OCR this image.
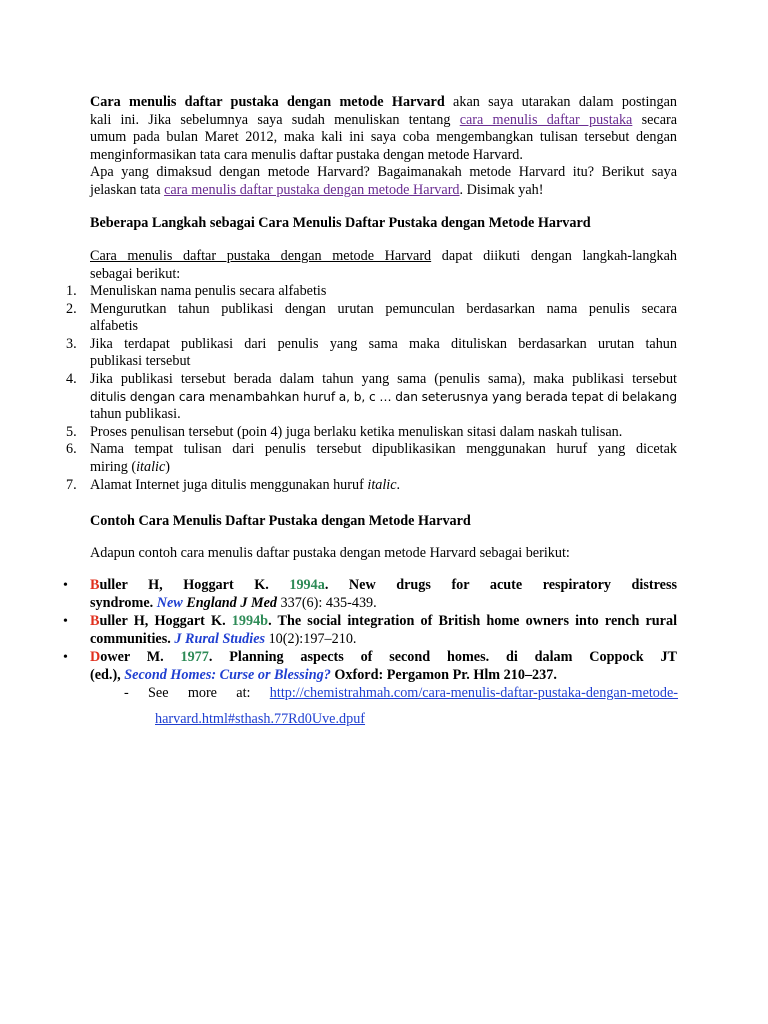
Cara menulis daftar pustaka dengan metode Harvard akan saya utarakan dalam postingan
kali ini. Jika sebelumnya saya sudah menuliskan tentang cara menulis daftar pustaka secara
umum pada bulan Maret 2012, maka kali ini saya coba mengembangkan tulisan tersebut dengan
menginformasikan tata cara menulis daftar pustaka dengan metode Harvard.
Apa yang dimaksud dengan metode Harvard? Bagaimanakah metode Harvard itu? Berikut saya
jelaskan tata cara menulis daftar pustaka dengan metode Harvard. Disimak yah!
Beberapa Langkah sebagai Cara Menulis Daftar Pustaka dengan Metode Harvard
Cara menulis daftar pustaka dengan metode Harvard dapat diikuti dengan langkah-langkah
sebagai berikut:
1. Menuliskan nama penulis secara alfabetis
2. Mengurutkan tahun publikasi dengan urutan pemunculan berdasarkan nama penulis secara
alfabetis
3. Jika terdapat publikasi dari penulis yang sama maka dituliskan berdasarkan urutan tahun
publikasi tersebut
4. Jika publikasi tersebut berada dalam tahun yang sama (penulis sama), maka publikasi tersebut
ditulis dengan cara menambahkan huruf a, b, c … dan seterusnya yang berada tepat di belakang
tahun publikasi.
5. Proses penulisan tersebut (poin 4) juga berlaku ketika menuliskan sitasi dalam naskah tulisan.
6. Nama tempat tulisan dari penulis tersebut dipublikasikan menggunakan huruf yang dicetak
miring (italic)
7. Alamat Internet juga ditulis menggunakan huruf italic.
Contoh Cara Menulis Daftar Pustaka dengan Metode Harvard
Adapun contoh cara menulis daftar pustaka dengan metode Harvard sebagai berikut:
• Buller H, Hoggart K. 1994a. New drugs for acute respiratory distress
syndrome. New England J Med 337(6): 435-439.
• Buller H, Hoggart K. 1994b. The social integration of British home owners into rench rural
communities. J Rural Studies 10(2):197–210.
• Dower M. 1977. Planning aspects of second homes. di dalam Coppock JT
(ed.), Second Homes: Curse or Blessing? Oxford: Pergamon Pr. Hlm 210–237.
- See more at: http://chemistrahmah.com/cara-menulis-daftar-pustaka-dengan-metode-
harvard.html#sthash.77Rd0Uve.dpuf
